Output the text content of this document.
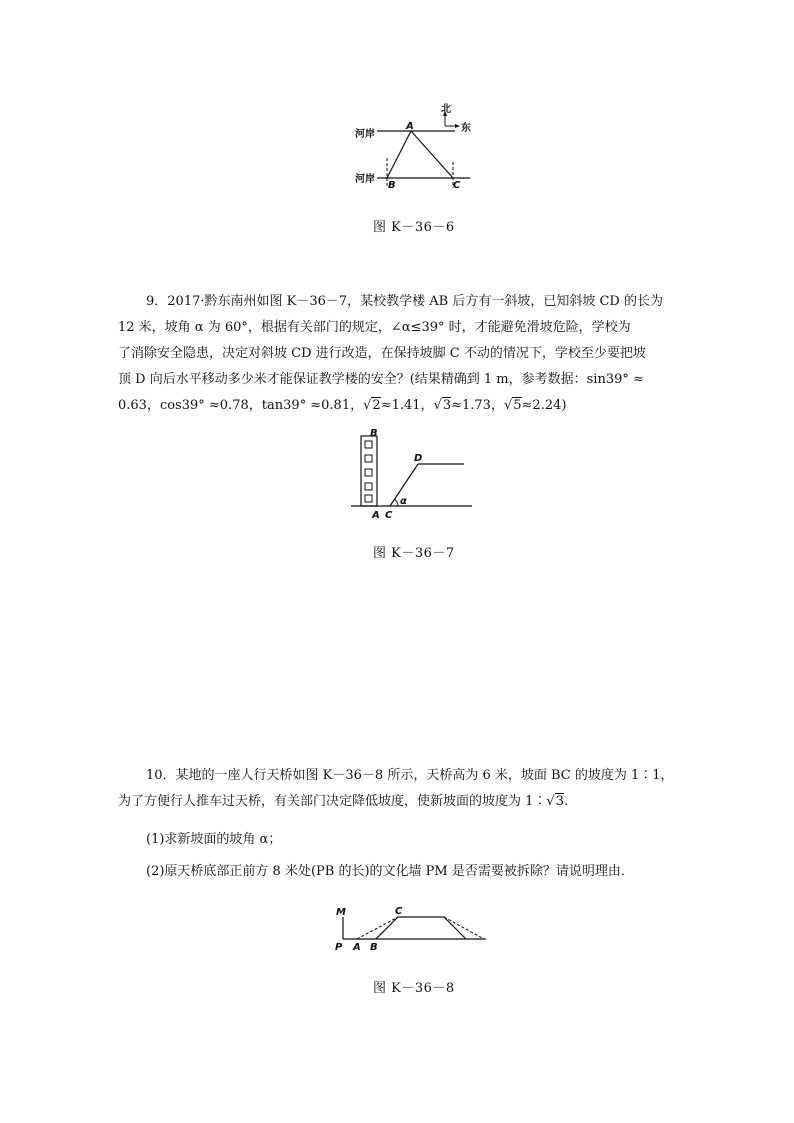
北
东
河岸
河岸
A
B	C
图 K－36－6

9．2017·黔东南州如图 K－36－7，某校教学楼 AB 后方有一斜坡，已知斜坡 CD 的长为

12 米，坡角 α 为 60°，根据有关部门的规定，∠α≤39° 时，才能避免滑坡危险，学校为

了消除安全隐患，决定对斜坡 CD 进行改造，在保持坡脚 C 不动的情况下，学校至少要把坡

顶 D 向后水平移动多少米才能保证教学楼的安全？(结果精确到 1 m，参考数据：sin39° ≈

0.63，cos39° ≈0.78，tan39° ≈0.81，√2≈1.41，√3≈1.73，√5≈2.24)

B
A C
D
α
图 K－36－7

10．某地的一座人行天桥如图 K－36－8 所示，天桥高为 6 米，坡面 BC 的坡度为 1∶1，

为了方便行人推车过天桥，有关部门决定降低坡度，使新坡面的坡度为 1∶√3.

(1)求新坡面的坡角 α；
(2)原天桥底部正前方 8 米处(PB 的长)的文化墙 PM 是否需要被拆除？请说明理由．
M
P A B
C
图 K－36－8
